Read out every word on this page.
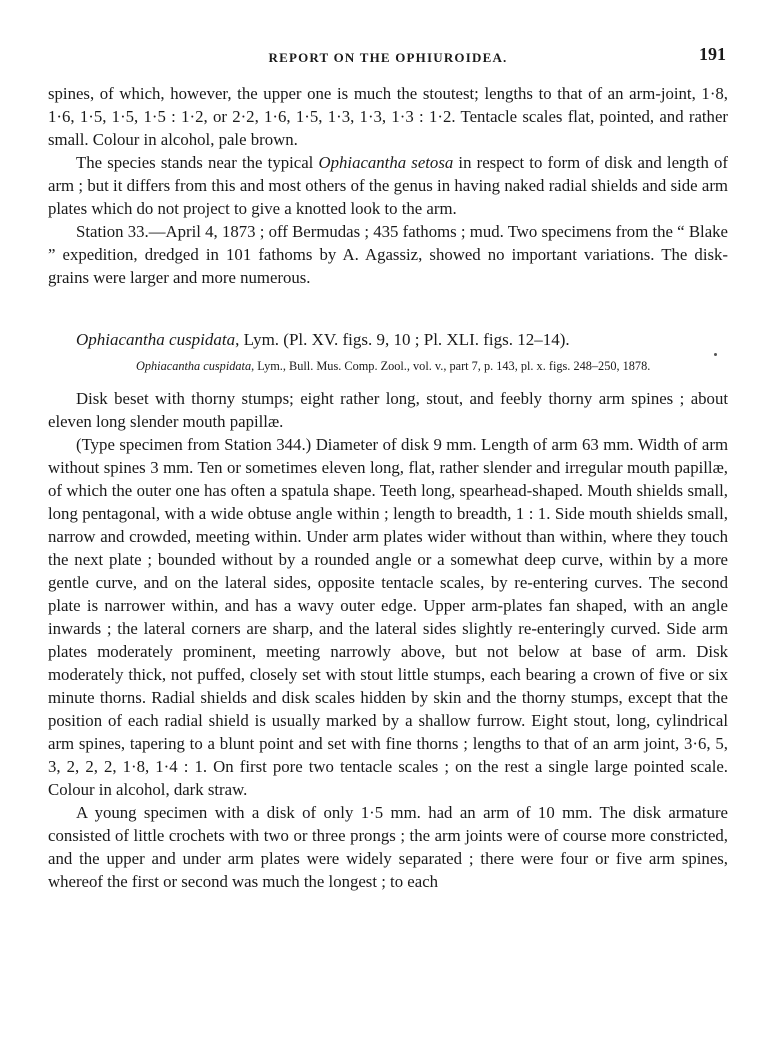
REPORT ON THE OPHIUROIDEA.	191

spines, of which, however, the upper one is much the stoutest; lengths to that of an arm-joint, 1·8, 1·6, 1·5, 1·5, 1·5 : 1·2, or 2·2, 1·6, 1·5, 1·3, 1·3, 1·3 : 1·2. Tentacle scales flat, pointed, and rather small. Colour in alcohol, pale brown.

The species stands near the typical Ophiacantha setosa in respect to form of disk and length of arm ; but it differs from this and most others of the genus in having naked radial shields and side arm plates which do not project to give a knotted look to the arm.

Station 33.—April 4, 1873 ; off Bermudas ; 435 fathoms ; mud. Two specimens from the “ Blake ” expedition, dredged in 101 fathoms by A. Agassiz, showed no important variations. The disk-grains were larger and more numerous.

Ophiacantha cuspidata, Lym. (Pl. XV. figs. 9, 10 ; Pl. XLI. figs. 12–14).
Ophiacantha cuspidata, Lym., Bull. Mus. Comp. Zool., vol. v., part 7, p. 143, pl. x. figs. 248–250, 1878.

Disk beset with thorny stumps; eight rather long, stout, and feebly thorny arm spines ; about eleven long slender mouth papillæ.

(Type specimen from Station 344.) Diameter of disk 9 mm. Length of arm 63 mm. Width of arm without spines 3 mm. Ten or sometimes eleven long, flat, rather slender and irregular mouth papillæ, of which the outer one has often a spatula shape. Teeth long, spearhead-shaped. Mouth shields small, long pentagonal, with a wide obtuse angle within ; length to breadth, 1 : 1. Side mouth shields small, narrow and crowded, meeting within. Under arm plates wider without than within, where they touch the next plate ; bounded without by a rounded angle or a somewhat deep curve, within by a more gentle curve, and on the lateral sides, opposite tentacle scales, by re-entering curves. The second plate is narrower within, and has a wavy outer edge. Upper arm-plates fan shaped, with an angle inwards ; the lateral corners are sharp, and the lateral sides slightly re-enteringly curved. Side arm plates moderately prominent, meeting narrowly above, but not below at base of arm. Disk moderately thick, not puffed, closely set with stout little stumps, each bearing a crown of five or six minute thorns. Radial shields and disk scales hidden by skin and the thorny stumps, except that the position of each radial shield is usually marked by a shallow furrow. Eight stout, long, cylindrical arm spines, tapering to a blunt point and set with fine thorns ; lengths to that of an arm joint, 3·6, 5, 3, 2, 2, 2, 1·8, 1·4 : 1. On first pore two tentacle scales ; on the rest a single large pointed scale. Colour in alcohol, dark straw.

A young specimen with a disk of only 1·5 mm. had an arm of 10 mm. The disk armature consisted of little crochets with two or three prongs ; the arm joints were of course more constricted, and the upper and under arm plates were widely separated ; there were four or five arm spines, whereof the first or second was much the longest ; to each
